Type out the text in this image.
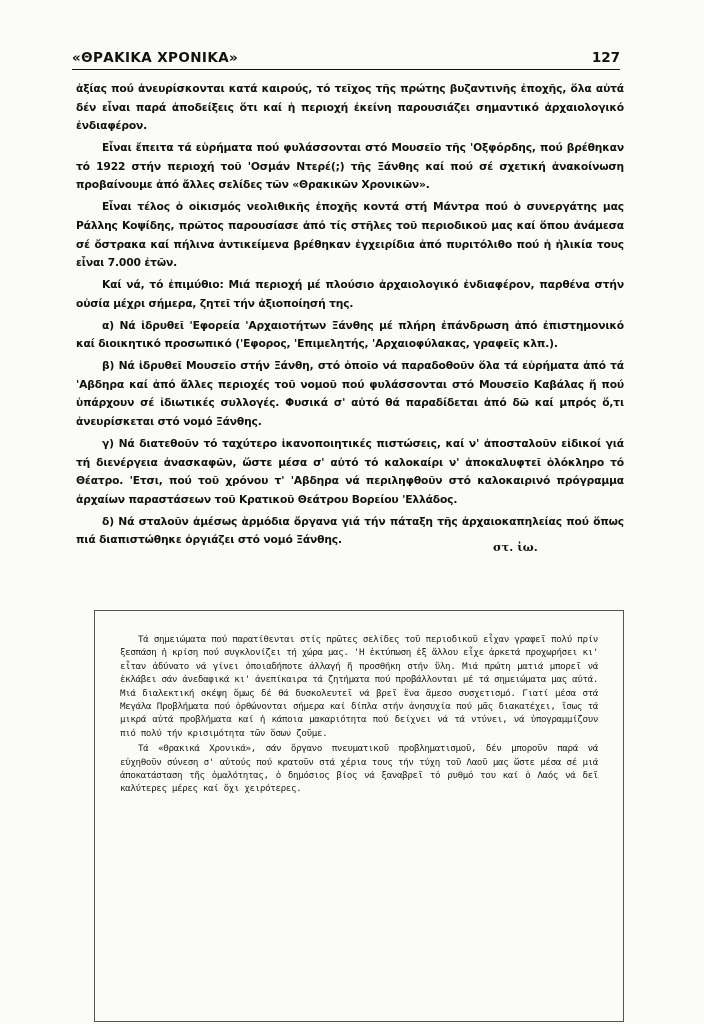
«ΘΡΑΚΙΚΑ ΧΡΟΝΙΚΑ»	127

ἀξίας πού ἀνευρίσκονται κατά καιρούς, τό τεῖχος τῆς πρώτης βυζαντινῆς ἐποχῆς, ὅλα αὐτά δέν εἶναι παρά ἀποδείξεις ὅτι καί ἡ περιοχή ἐκείνη παρουσιάζει σημαντικό ἀρχαιολογικό ἐνδιαφέρον.

Εἶναι ἔπειτα τά εὑρήματα πού φυλάσσονται στό Μουσεῖο τῆς 'Οξφόρδης, πού βρέθηκαν τό 1922 στήν περιοχή τοῦ 'Οσμάν Ντερέ(;) τῆς Ξάνθης καί πού σέ σχετική ἀνακοίνωση προβαίνουμε ἀπό ἄλλες σελίδες τῶν «Θρακικῶν Χρονικῶν».

Εἶναι τέλος ὁ οἰκισμός νεολιθικῆς ἐποχῆς κοντά στή Μάντρα πού ὁ συνεργάτης μας Ράλλης Κοψίδης, πρῶτος παρουσίασε ἀπό τίς στῆλες τοῦ περιοδικοῦ μας καί ὅπου ἀνάμεσα σέ ὄστρακα καί πήλινα ἀντικείμενα βρέθηκαν ἐγχειρίδια ἀπό πυριτόλιθο πού ἡ ἡλικία τους εἶναι 7.000 ἐτῶν.

Καί νά, τό ἐπιμύθιο: Μιά περιοχή μέ πλούσιο ἀρχαιολογικό ἐνδιαφέρον, παρθένα στήν οὐσία μέχρι σήμερα, ζητεῖ τήν ἀξιοποίησή της.

α) Νά ἱδρυθεῖ 'Εφορεία 'Αρχαιοτήτων Ξάνθης μέ πλήρη ἐπάνδρωση ἀπό ἐπιστημονικό καί διοικητικό προσωπικό ('Εφορος, 'Επιμελητής, 'Αρχαιοφύλακας, γραφεῖς κλπ.).

β) Νά ἱδρυθεῖ Μουσεῖο στήν Ξάνθη, στό ὁποῖο νά παραδοθοῦν ὅλα τά εὑρήματα ἀπό τά 'Αβδηρα καί ἀπό ἄλλες περιοχές τοῦ νομοῦ πού φυλάσσονται στό Μουσεῖο Καβάλας ἤ πού ὑπάρχουν σέ ἰδιωτικές συλλογές. Φυσικά σ' αὐτό θά παραδίδεται ἀπό δῶ καί μπρός ὅ,τι ἀνευρίσκεται στό νομό Ξάνθης.

γ) Νά διατεθοῦν τό ταχύτερο ἱκανοποιητικές πιστώσεις, καί ν' ἀποσταλοῦν εἰδικοί γιά τή διενέργεια ἀνασκαφῶν, ὥστε μέσα σ' αὐτό τό καλοκαίρι ν' ἀποκαλυφτεῖ ὁλόκληρο τό Θέατρο. 'Ετσι, πού τοῦ χρόνου τ' 'Αβδηρα νά περιληφθοῦν στό καλοκαιρινό πρόγραμμα ἀρχαίων παραστάσεων τοῦ Κρατικοῦ Θεάτρου Βορείου 'Ελλάδος.

δ) Νά σταλοῦν ἀμέσως ἁρμόδια ὄργανα γιά τήν πάταξη τῆς ἀρχαιοκαπηλείας πού ὅπως πιά διαπιστώθηκε ὀργιάζει στό νομό Ξάνθης.

στ. ἰω.

Τά σημειώματα πού παρατίθενται στίς πρῶτες σελίδες τοῦ περιοδικοῦ εἶχαν γραφεῖ πολύ πρίν ξεσπάση ἡ κρίση πού συγκλονίζει τή χώρα μας. 'Η ἐκτύπωση ἐξ ἄλλου εἶχε ἀρκετά προχωρήσει κι' εἶταν ἀδύνατο νά γίνει ὁποιαδήποτε ἀλλαγή ἤ προσθήκη στήν ὕλη. Μιά πρώτη ματιά μπορεῖ νά ἐκλάβει σάν ἀνεδαφικά κι' ἀνεπίκαιρα τά ζητήματα πού προβάλλονται μέ τά σημειώματα μας αὐτά. Μιά διαλεκτική σκέψη ὅμως δέ θά δυσκολευτεῖ νά βρεῖ ἕνα ἄμεσο συσχετισμό. Γιατί μέσα στά Μεγάλα Προβλήματα πού ὀρθώνονται σήμερα καί δίπλα στήν ἀνησυχία πού μᾶς διακατέχει, ἴσως τά μικρά αὐτά προβλήματα καί ἡ κάποια μακαριότητα πού δείχνει νά τά ντύνει, νά ὑπογραμμίζουν πιό πολύ τήν κρισιμότητα τῶν ὅσων ζοῦμε.

Τά «Θρακικά Χρονικά», σάν ὄργανο πνευματικοῦ προβληματισμοῦ, δέν μποροῦν παρά νά εὐχηθοῦν σύνεση σ' αὐτούς πού κρατοῦν στά χέρια τους τήν τύχη τοῦ Λαοῦ μας ὥστε μέσα σέ μιά ἀποκατάσταση τῆς ὁμαλότητας, ὁ δημόσιος βίος νά ξαναβρεῖ τό ρυθμό του καί ὁ Λαός νά δεῖ καλύτερες μέρες καί ὄχι χειρότερες.
